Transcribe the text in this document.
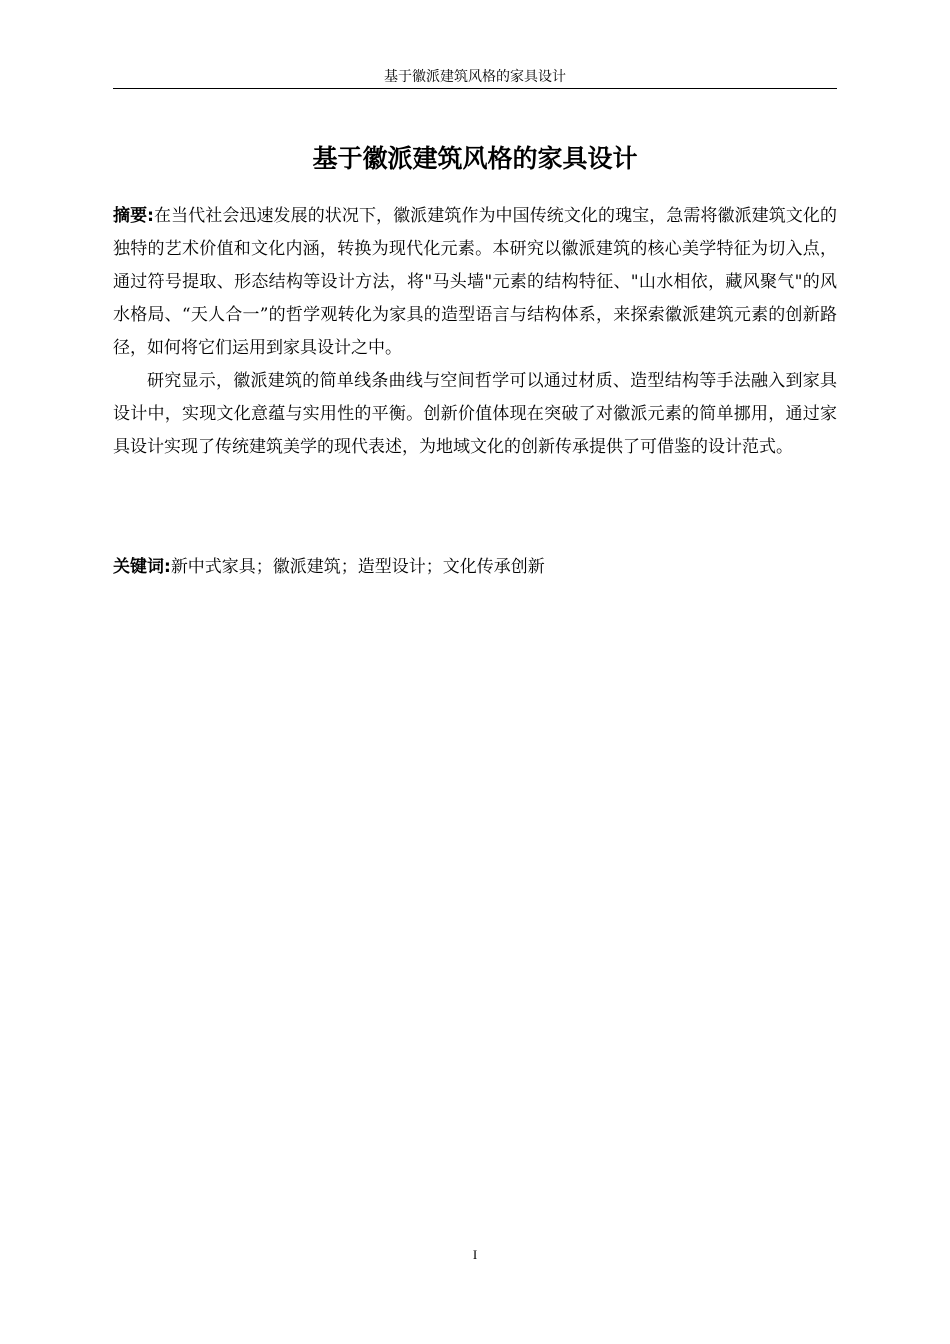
基于徽派建筑风格的家具设计
基于徽派建筑风格的家具设计

摘要:在当代社会迅速发展的状况下，徽派建筑作为中国传统文化的瑰宝，急需将徽派建筑文化的独特的艺术价值和文化内涵，转换为现代化元素。本研究以徽派建筑的核心美学特征为切入点，通过符号提取、形态结构等设计方法，将"马头墙"元素的结构特征、"山水相依，藏风聚气"的风水格局、“天人合一”的哲学观转化为家具的造型语言与结构体系，来探索徽派建筑元素的创新路径，如何将它们运用到家具设计之中。

研究显示，徽派建筑的简单线条曲线与空间哲学可以通过材质、造型结构等手法融入到家具设计中，实现文化意蕴与实用性的平衡。创新价值体现在突破了对徽派元素的简单挪用，通过家具设计实现了传统建筑美学的现代表述，为地域文化的创新传承提供了可借鉴的设计范式。

关键词:新中式家具；徽派建筑；造型设计；文化传承创新
I
